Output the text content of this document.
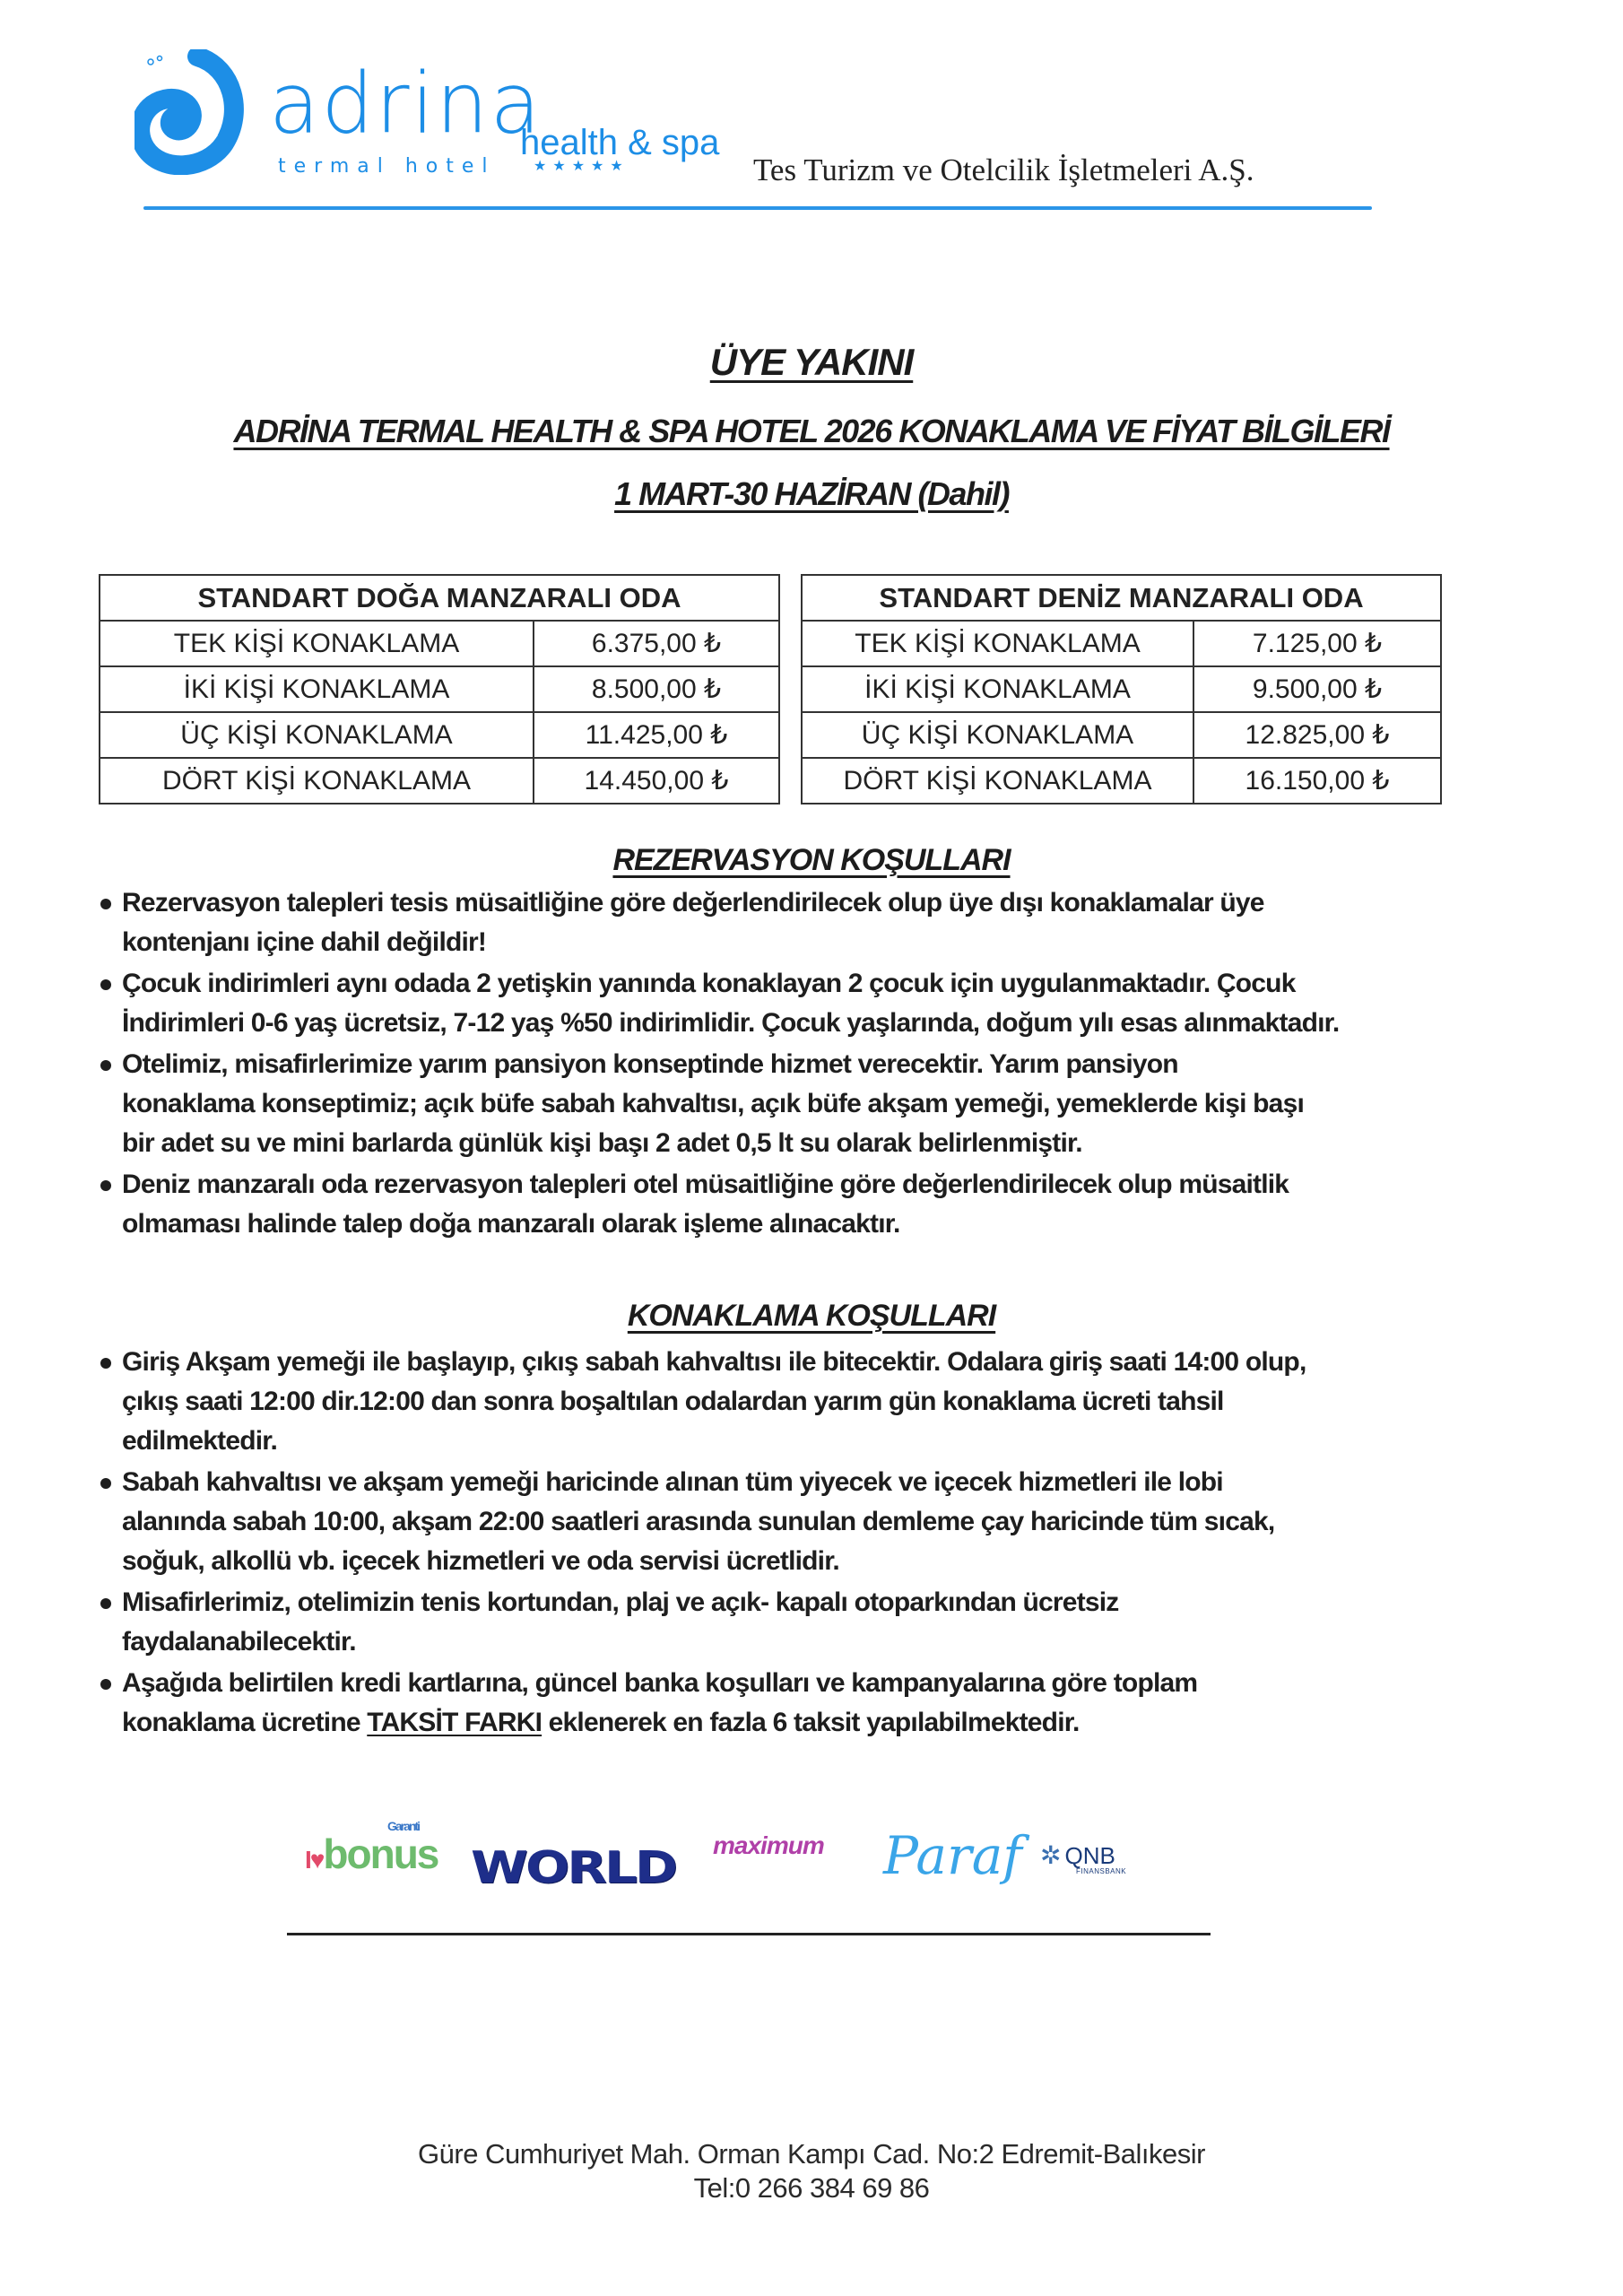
adrina
health & spa
termal hotel	★★★★★	Tes Turizm ve Otelcilik İşletmeleri A.Ş.
ÜYE YAKINI
ADRİNA TERMAL HEALTH & SPA HOTEL 2026 KONAKLAMA VE FİYAT BİLGİLERİ
1 MART-30 HAZİRAN (Dahil)
STANDART DOĞA MANZARALI ODA	
TEK KİŞİ KONAKLAMA	6.375,00 ₺
İKİ KİŞİ KONAKLAMA	8.500,00 ₺
ÜÇ KİŞİ KONAKLAMA	11.425,00 ₺
DÖRT KİŞİ KONAKLAMA	14.450,00 ₺
STANDART DENİZ MANZARALI ODA	
TEK KİŞİ KONAKLAMA	7.125,00 ₺
İKİ KİŞİ KONAKLAMA	9.500,00 ₺
ÜÇ KİŞİ KONAKLAMA	12.825,00 ₺
DÖRT KİŞİ KONAKLAMA	16.150,00 ₺
REZERVASYON KOŞULLARI
Rezervasyon talepleri tesis müsaitliğine göre değerlendirilecek olup üye dışı konaklamalar üye
kontenjanı içine dahil değildir!
Çocuk indirimleri aynı odada 2 yetişkin yanında konaklayan 2 çocuk için uygulanmaktadır. Çocuk
İndirimleri 0-6 yaş ücretsiz, 7-12 yaş %50 indirimlidir. Çocuk yaşlarında, doğum yılı esas alınmaktadır.
Otelimiz, misafirlerimize yarım pansiyon konseptinde hizmet verecektir. Yarım pansiyon
konaklama konseptimiz; açık büfe sabah kahvaltısı, açık büfe akşam yemeği, yemeklerde kişi başı
bir adet su ve mini barlarda günlük kişi başı 2 adet 0,5 lt su olarak belirlenmiştir.
Deniz manzaralı oda rezervasyon talepleri otel müsaitliğine göre değerlendirilecek olup müsaitlik
olmaması halinde talep doğa manzaralı olarak işleme alınacaktır.
KONAKLAMA KOŞULLARI
Giriş Akşam yemeği ile başlayıp, çıkış sabah kahvaltısı ile bitecektir. Odalara giriş saati 14:00 olup,
çıkış saati 12:00 dir.12:00 dan sonra boşaltılan odalardan yarım gün konaklama ücreti tahsil
edilmektedir.
Sabah kahvaltısı ve akşam yemeği haricinde alınan tüm yiyecek ve içecek hizmetleri ile lobi
alanında sabah 10:00, akşam 22:00 saatleri arasında sunulan demleme çay haricinde tüm sıcak,
soğuk, alkollü vb. içecek hizmetleri ve oda servisi ücretlidir.
Misafirlerimiz, otelimizin tenis kortundan, plaj ve açık- kapalı otoparkından ücretsiz
faydalanabilecektir.
Aşağıda belirtilen kredi kartlarına, güncel banka koşulları ve kampanyalarına göre toplam
konaklama ücretine TAKSİT FARKI eklenerek en fazla 6 taksit yapılabilmektedir.
I♥bonus
Garanti
WORLD maximum Paraf ✲ QNB
FINANSBANK
Güre Cumhuriyet Mah. Orman Kampı Cad. No:2 Edremit-Balıkesir
Tel:0 266 384 69 86
